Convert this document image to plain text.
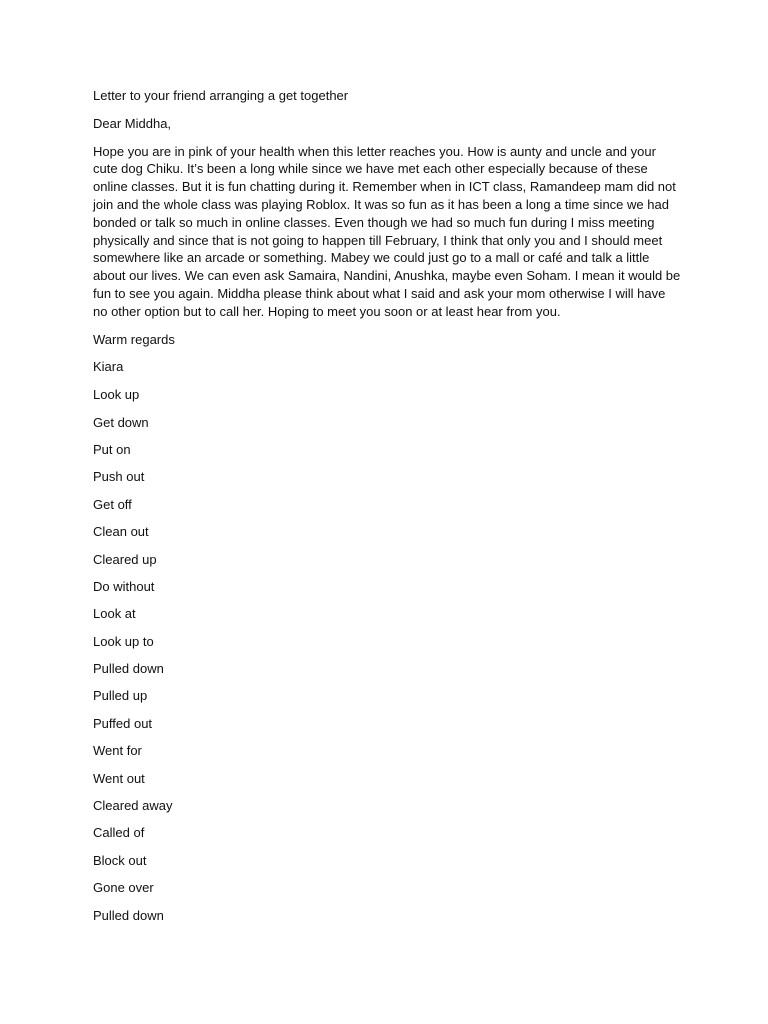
Letter to your friend arranging a get together

Dear Middha,

Hope you are in pink of your health when this letter reaches you. How is aunty and uncle and your
cute dog Chiku. It’s been a long while since we have met each other especially because of these
online classes. But it is fun chatting during it. Remember when in ICT class, Ramandeep mam did not
join and the whole class was playing Roblox. It was so fun as it has been a long a time since we had
bonded or talk so much in online classes. Even though we had so much fun during I miss meeting
physically and since that is not going to happen till February, I think that only you and I should meet
somewhere like an arcade or something. Mabey we could just go to a mall or café and talk a little
about our lives. We can even ask Samaira, Nandini, Anushka, maybe even Soham. I mean it would be
fun to see you again. Middha please think about what I said and ask your mom otherwise I will have
no other option but to call her. Hoping to meet you soon or at least hear from you.

Warm regards

Kiara

Look up
Get down
Put on
Push out
Get off
Clean out
Cleared up
Do without
Look at
Look up to
Pulled down
Pulled up
Puffed out
Went for
Went out
Cleared away
Called of
Block out
Gone over
Pulled down
